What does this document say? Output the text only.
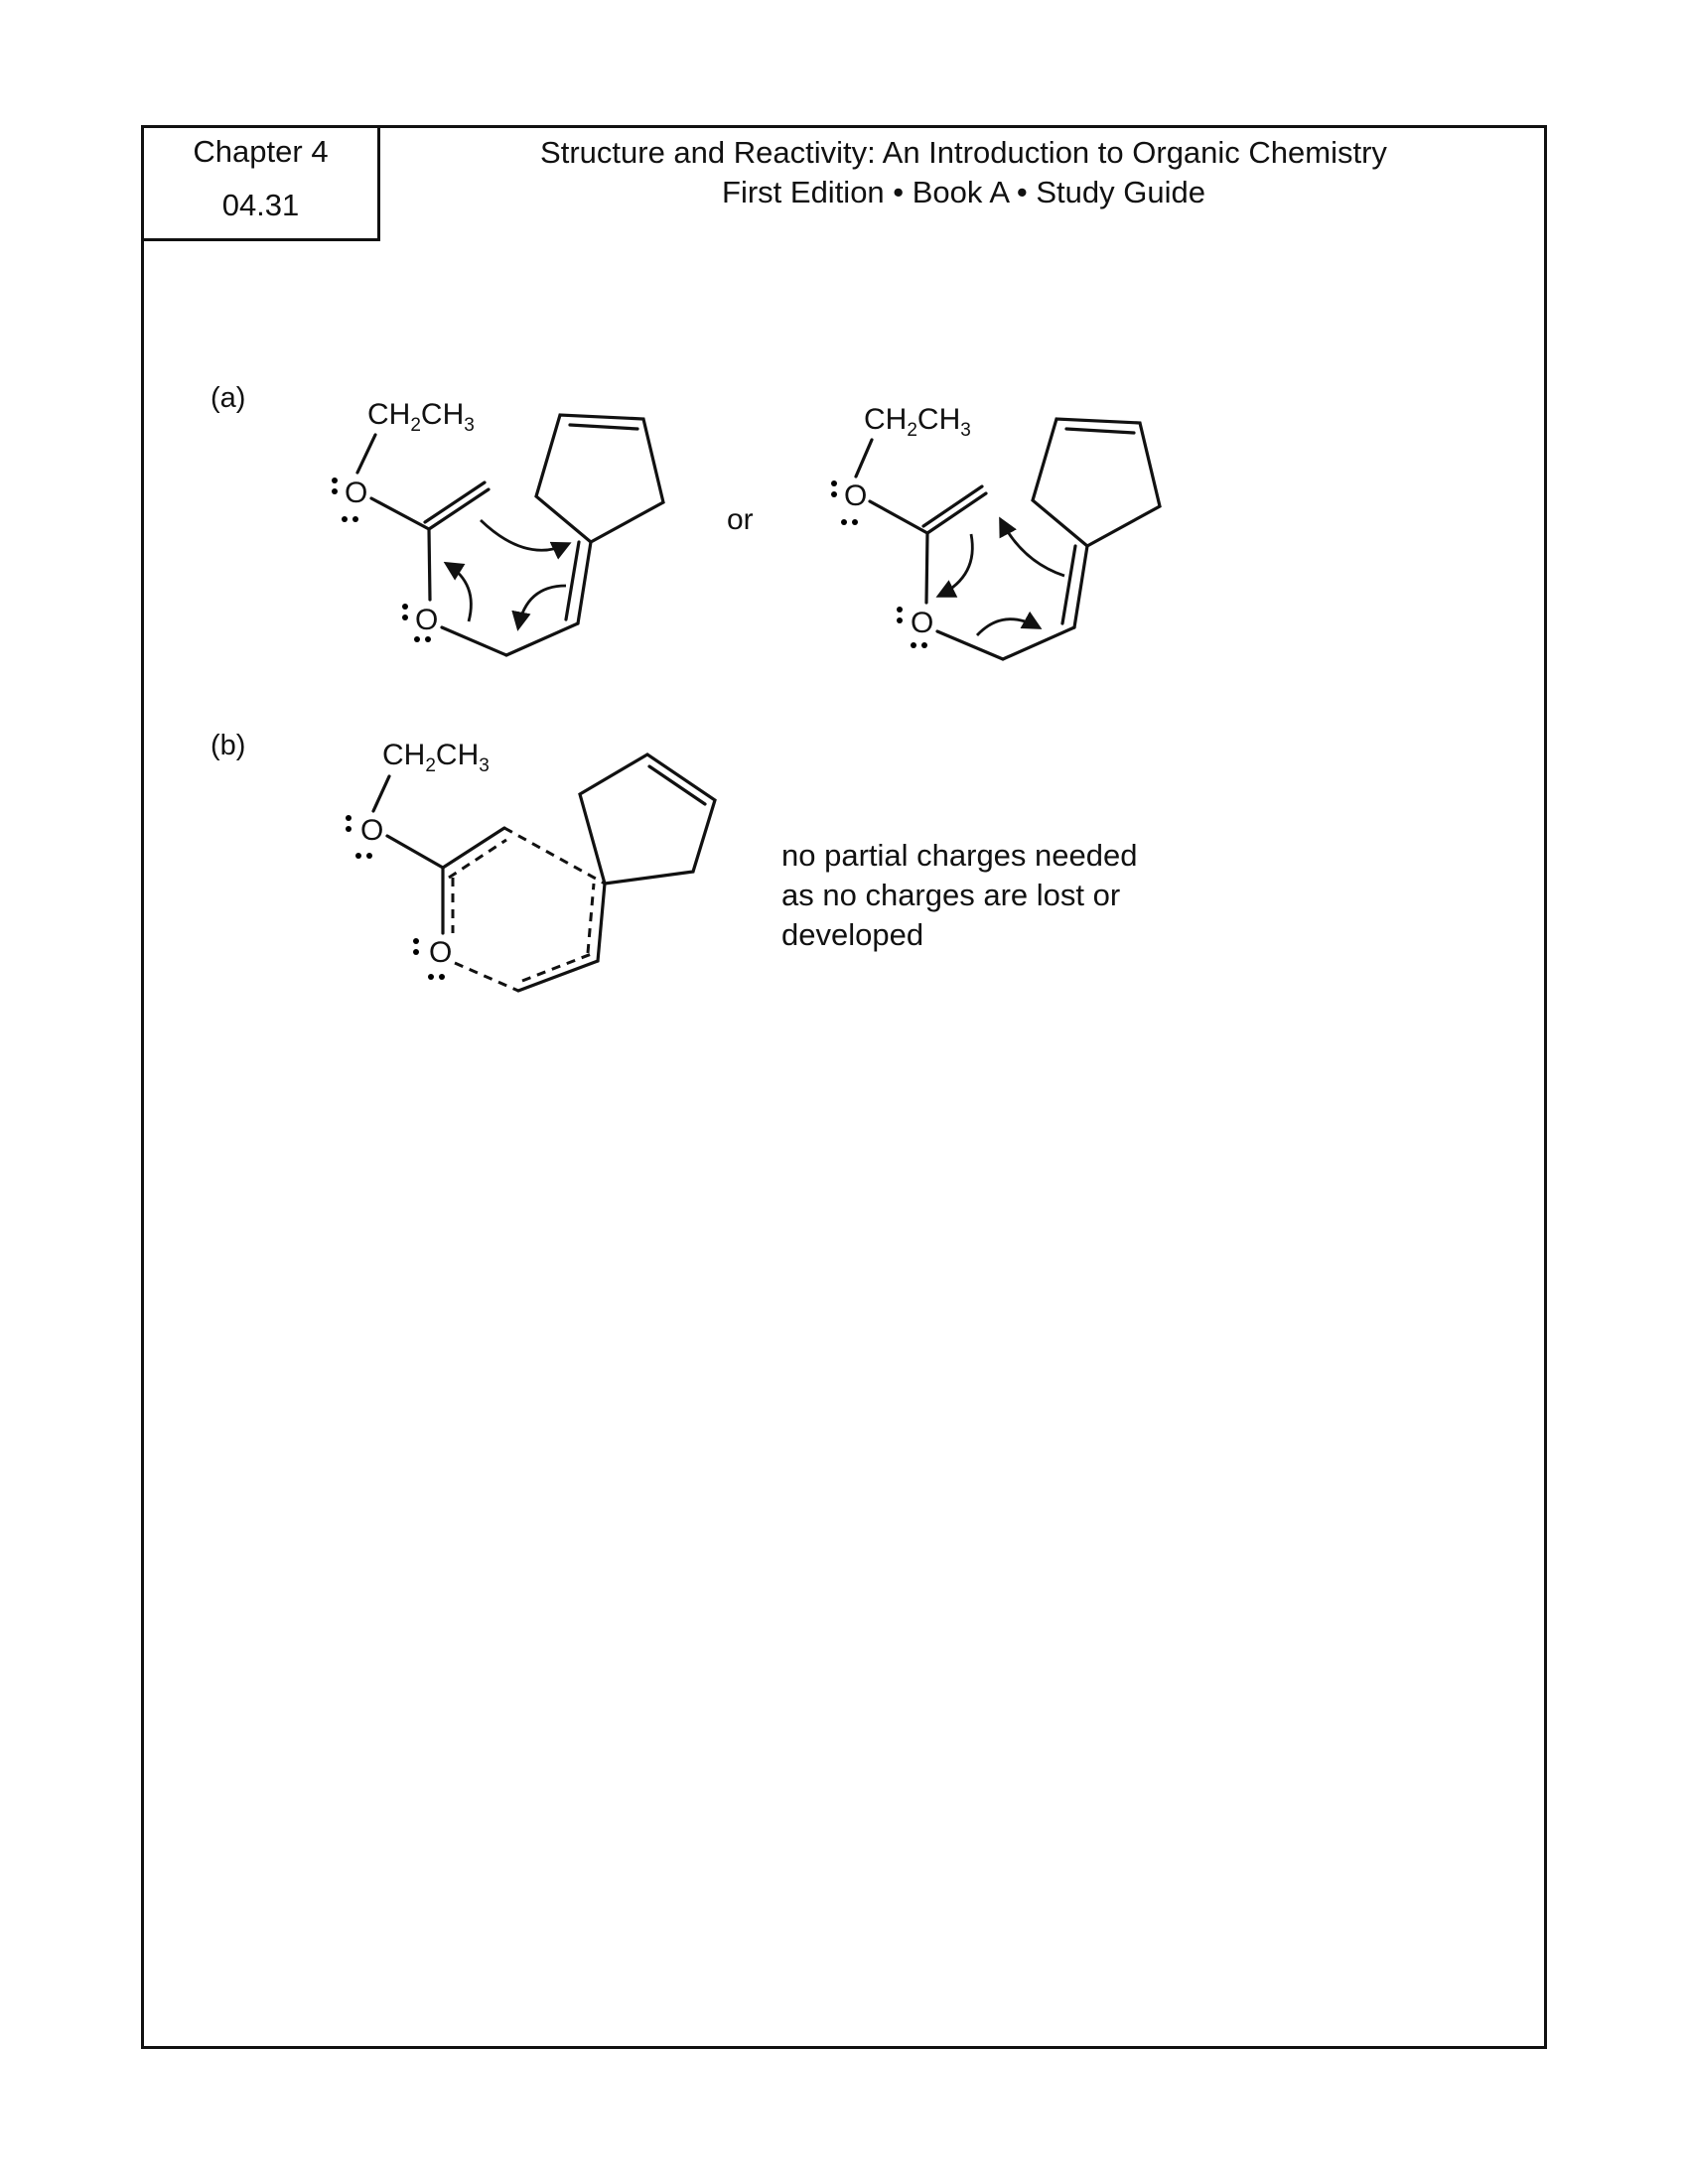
Chapter 4
04.31
Structure and Reactivity: An Introduction to Organic Chemistry
First Edition • Book A • Study Guide
(a)
or
(b)
no partial charges needed
as no charges are lost or
developed
$CH_2CH_3$
O
O
$CH_2CH_3$
O
O
$CH_2CH_3$
O
O
